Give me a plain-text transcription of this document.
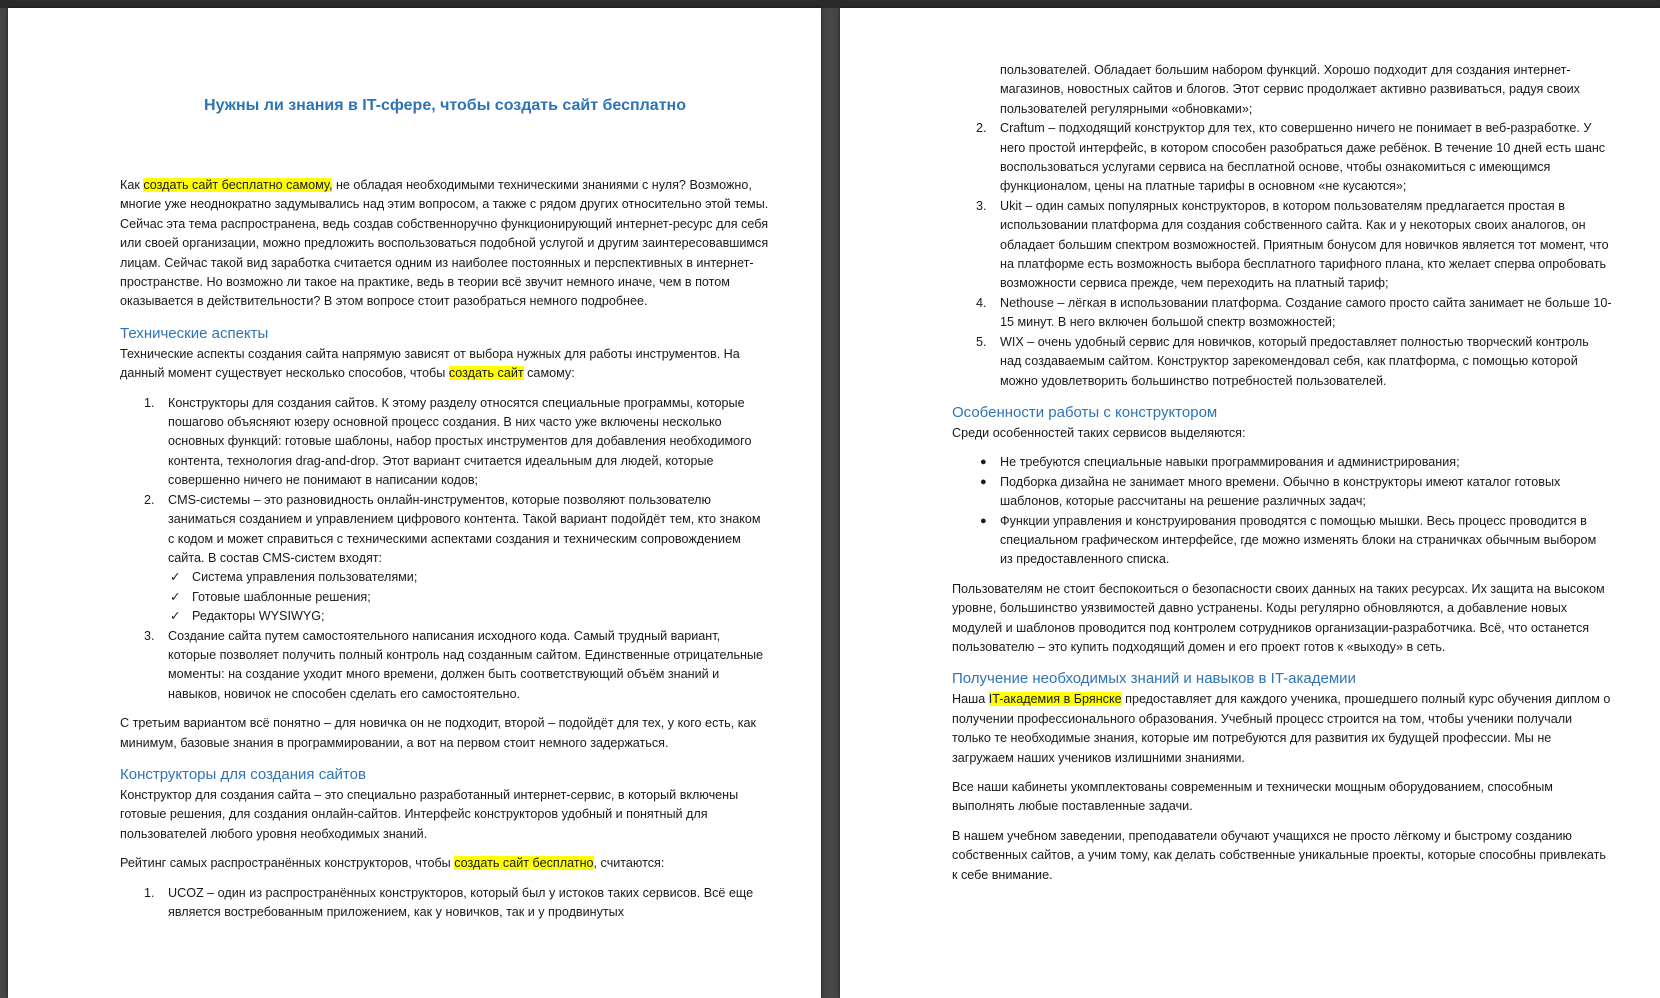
Нужны ли знания в IT-сфере, чтобы создать сайт бесплатно

Как создать сайт бесплатно самому, не обладая необходимыми техническими знаниями с нуля? Возможно, многие уже неоднократно задумывались над этим вопросом, а также с рядом других относительно этой темы. Сейчас эта тема распространена, ведь создав собственноручно функционирующий интернет-ресурс для себя или своей организации, можно предложить воспользоваться подобной услугой и другим заинтересовавшимся лицам. Сейчас такой вид заработка считается одним из наиболее постоянных и перспективных в интернет-пространстве. Но возможно ли такое на практике, ведь в теории всё звучит немного иначе, чем в потом оказывается в действительности? В этом вопросе стоит разобраться немного подробнее.

Технические аспекты

Технические аспекты создания сайта напрямую зависят от выбора нужных для работы инструментов. На данный момент существует несколько способов, чтобы создать сайт самому:

1. Конструкторы для создания сайтов. К этому разделу относятся специальные программы, которые пошагово объясняют юзеру основной процесс создания. В них часто уже включены несколько основных функций: готовые шаблоны, набор простых инструментов для добавления необходимого контента, технология drag-and-drop. Этот вариант считается идеальным для людей, которые совершенно ничего не понимают в написании кодов;
2. CMS-системы – это разновидность онлайн-инструментов, которые позволяют пользователю заниматься созданием и управлением цифрового контента. Такой вариант подойдёт тем, кто знаком с кодом и может справиться с техническими аспектами создания и техническим сопровождением сайта. В состав CMS-систем входят:
✓ Система управления пользователями;
✓ Готовые шаблонные решения;
✓ Редакторы WYSIWYG;
3. Создание сайта путем самостоятельного написания исходного кода. Самый трудный вариант, которые позволяет получить полный контроль над созданным сайтом. Единственные отрицательные моменты: на создание уходит много времени, должен быть соответствующий объём знаний и навыков, новичок не способен сделать его самостоятельно.

С третьим вариантом всё понятно – для новичка он не подходит, второй – подойдёт для тех, у кого есть, как минимум, базовые знания в программировании, а вот на первом стоит немного задержаться.

Конструкторы для создания сайтов

Конструктор для создания сайта – это специально разработанный интернет-сервис, в который включены готовые решения, для создания онлайн-сайтов. Интерфейс конструкторов удобный и понятный для пользователей любого уровня необходимых знаний.

Рейтинг самых распространённых конструкторов, чтобы создать сайт бесплатно, считаются:

1. UCOZ – один из распространённых конструкторов, который был у истоков таких сервисов. Всё еще является востребованным приложением, как у новичков, так и у продвинутых
пользователей. Обладает большим набором функций. Хорошо подходит для создания интернет-магазинов, новостных сайтов и блогов. Этот сервис продолжает активно развиваться, радуя своих пользователей регулярными «обновками»;
2. Craftum – подходящий конструктор для тех, кто совершенно ничего не понимает в веб-разработке. У него простой интерфейс, в котором способен разобраться даже ребёнок. В течение 10 дней есть шанс воспользоваться услугами сервиса на бесплатной основе, чтобы ознакомиться с имеющимся функционалом, цены на платные тарифы в основном «не кусаются»;
3. Ukit – один самых популярных конструкторов, в котором пользователям предлагается простая в использовании платформа для создания собственного сайта. Как и у некоторых своих аналогов, он обладает большим спектром возможностей. Приятным бонусом для новичков является тот момент, что на платформе есть возможность выбора бесплатного тарифного плана, кто желает сперва опробовать возможности сервиса прежде, чем переходить на платный тариф;
4. Nethouse – лёгкая в использовании платформа. Создание самого просто сайта занимает не больше 10-15 минут. В него включен большой спектр возможностей;
5. WIX – очень удобный сервис для новичков, который предоставляет полностью творческий контроль над создаваемым сайтом. Конструктор зарекомендовал себя, как платформа, с помощью которой можно удовлетворить большинство потребностей пользователей.
Особенности работы с конструктором

Среди особенностей таких сервисов выделяются:

● Не требуются специальные навыки программирования и администрирования;
● Подборка дизайна не занимает много времени. Обычно в конструкторы имеют каталог готовых шаблонов, которые рассчитаны на решение различных задач;
● Функции управления и конструирования проводятся с помощью мышки. Весь процесс проводится в специальном графическом интерфейсе, где можно изменять блоки на страничках обычным выбором из предоставленного списка.

Пользователям не стоит беспокоиться о безопасности своих данных на таких ресурсах. Их защита на высоком уровне, большинство уязвимостей давно устранены. Коды регулярно обновляются, а добавление новых модулей и шаблонов проводится под контролем сотрудников организации-разработчика. Всё, что останется пользователю – это купить подходящий домен и его проект готов к «выходу» в сеть.

Получение необходимых знаний и навыков в IT-академии

Наша IT-академия в Брянске предоставляет для каждого ученика, прошедшего полный курс обучения диплом о получении профессионального образования. Учебный процесс строится на том, чтобы ученики получали только те необходимые знания, которые им потребуются для развития их будущей профессии. Мы не загружаем наших учеников излишними знаниями.

Все наши кабинеты укомплектованы современным и технически мощным оборудованием, способным выполнять любые поставленные задачи.

В нашем учебном заведении, преподаватели обучают учащихся не просто лёгкому и быстрому созданию собственных сайтов, а учим тому, как делать собственные уникальные проекты, которые способны привлекать к себе внимание.
